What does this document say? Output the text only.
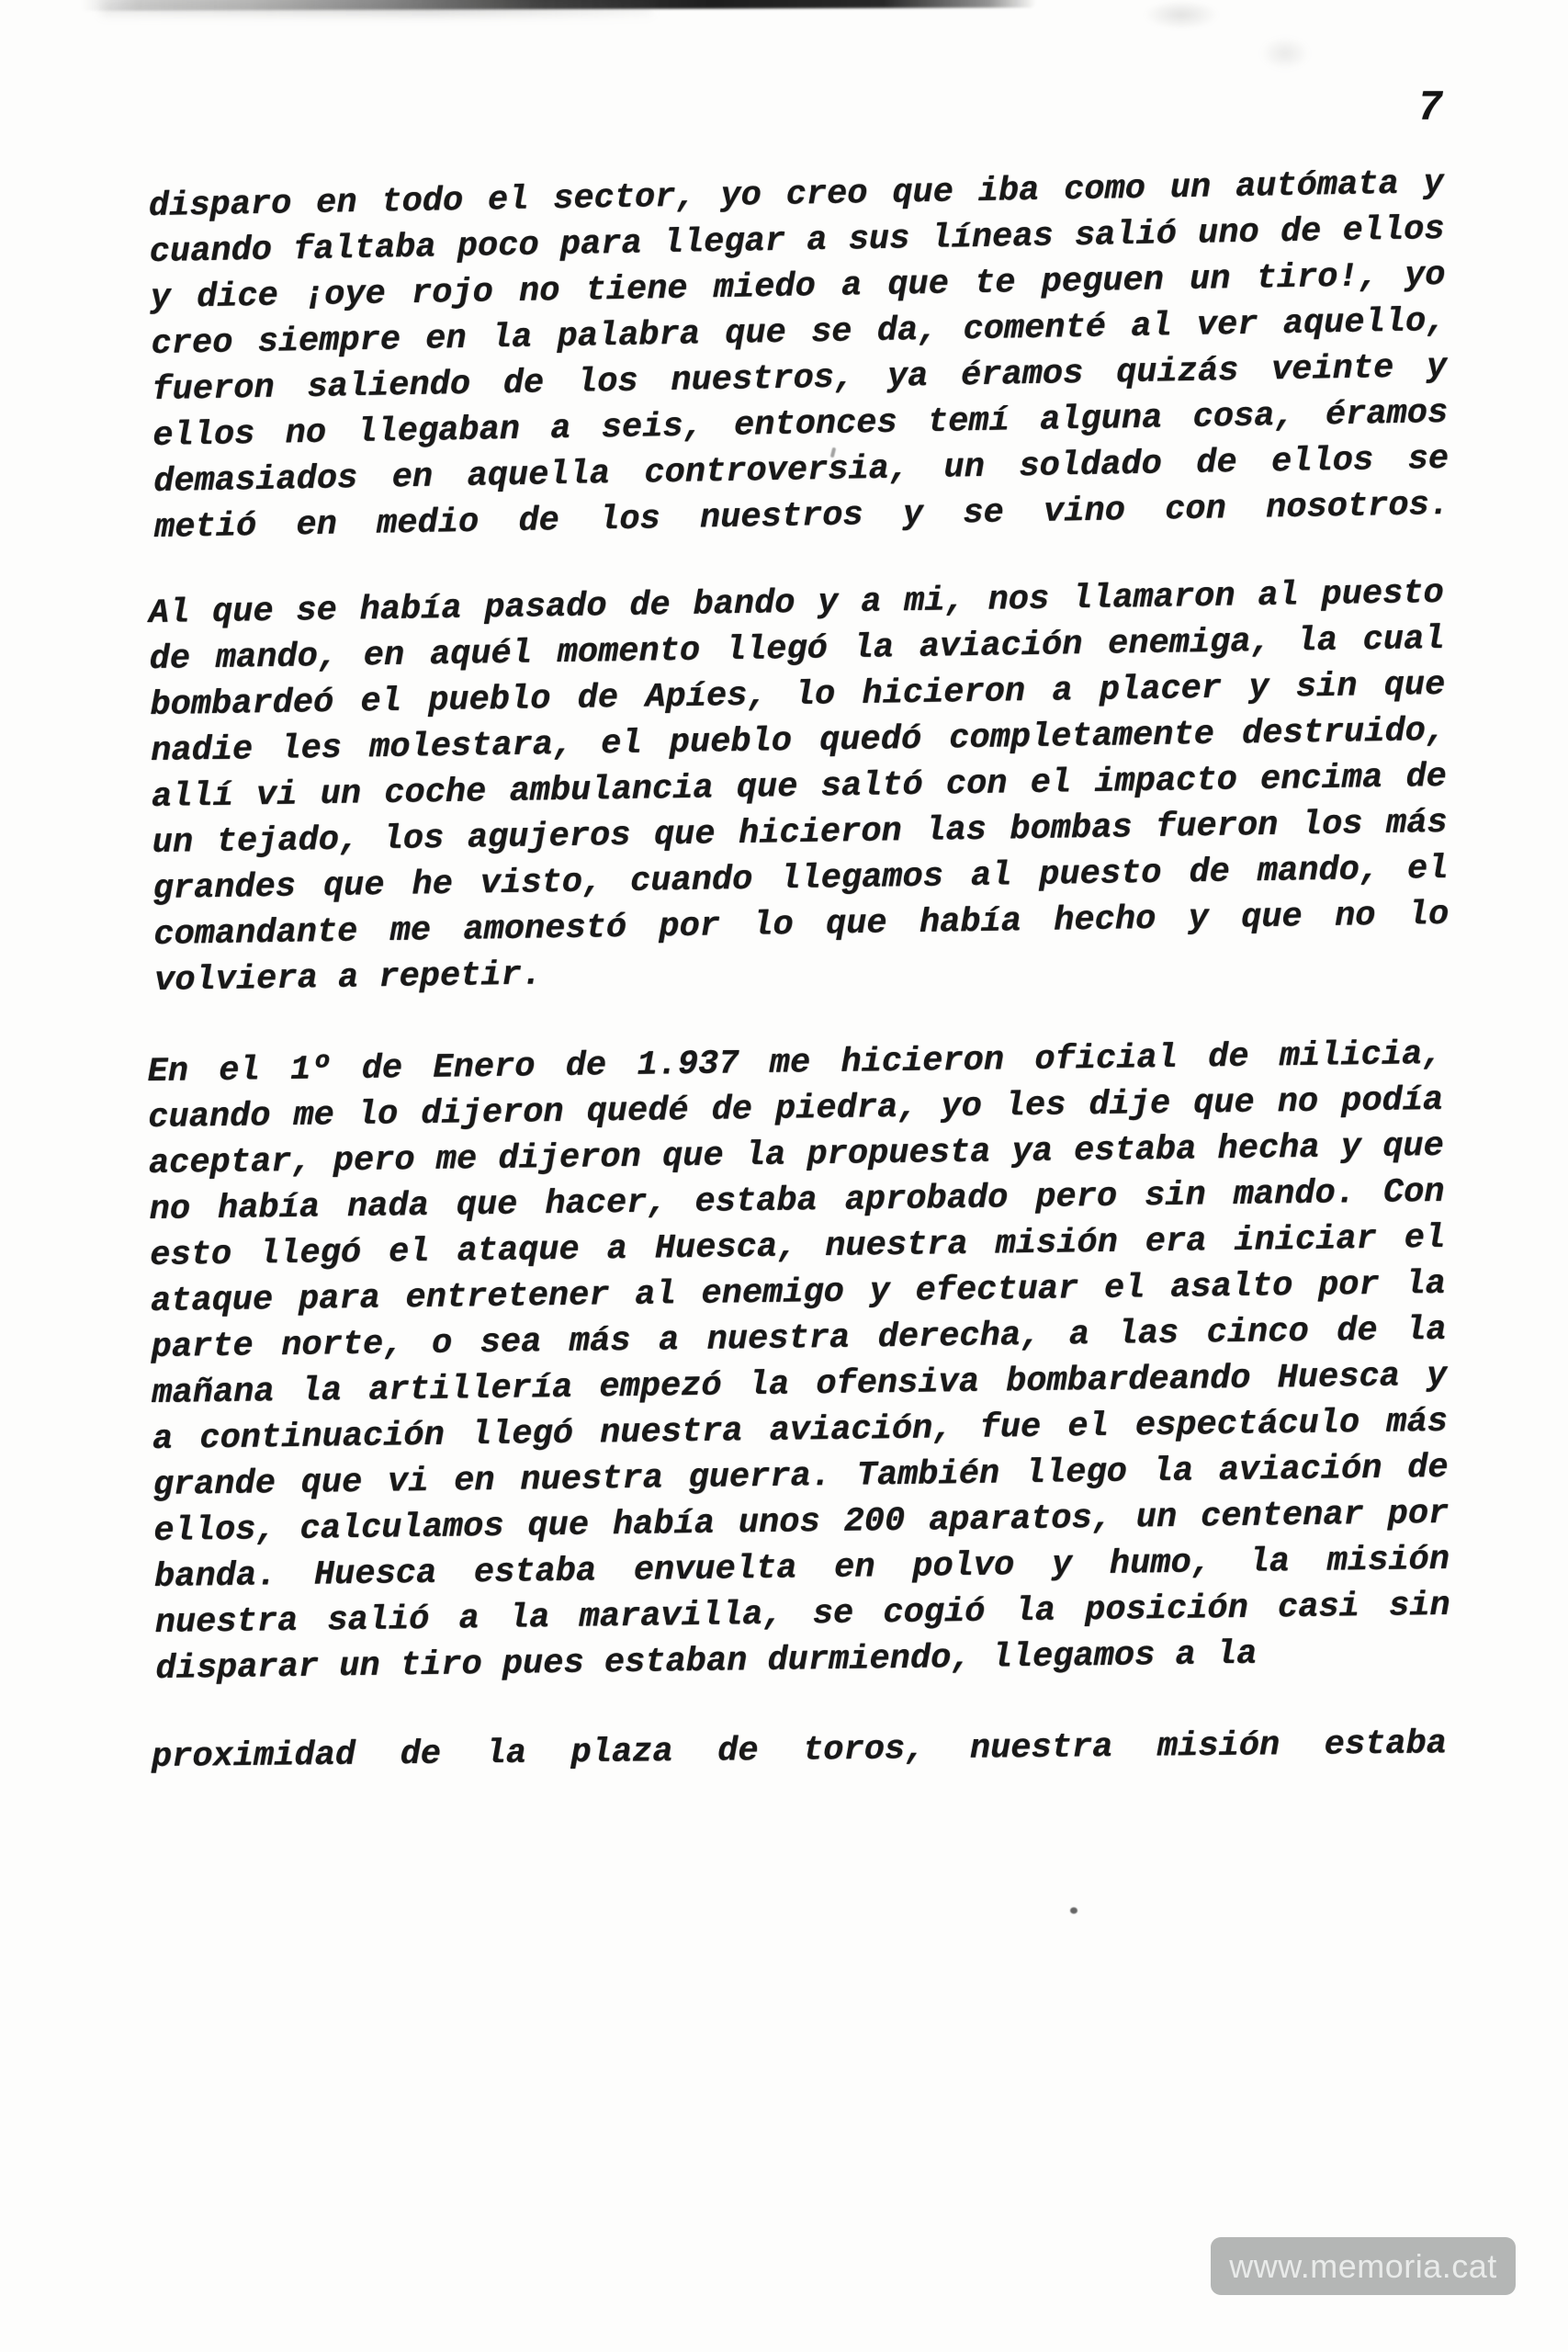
7
disparo en todo el sector, yo creo que iba como un autómata y
cuando faltaba poco para llegar a sus líneas salió uno de ellos
y dice ¡oye rojo no tiene miedo a que te peguen un tiro!, yo
creo siempre en la palabra que se da, comenté al ver aquello,
fueron saliendo de los nuestros, ya éramos quizás veinte y
ellos no llegaban a seis, entonces temí alguna cosa, éramos
demasiados en aquella controversia, un soldado de ellos se
metió en medio de los nuestros y se vino con nosotros.
Al que se había pasado de bando y a mi, nos llamaron al puesto
de mando, en aquél momento llegó la aviación enemiga, la cual
bombardeó el pueblo de Apíes, lo hicieron a placer y sin que
nadie les molestara, el pueblo quedó completamente destruido,
allí vi un coche ambulancia que saltó con el impacto encima de
un tejado, los agujeros que hicieron las bombas fueron los más
grandes que he visto, cuando llegamos al puesto de mando, el
comandante me amonestó por lo que había hecho y que no lo
volviera a repetir.
En el 1º de Enero de 1.937 me hicieron oficial de milicia,
cuando me lo dijeron quedé de piedra, yo les dije que no podía
aceptar, pero me dijeron que la propuesta ya estaba hecha y que
no había nada que hacer, estaba aprobado pero sin mando. Con
esto llegó el ataque a Huesca, nuestra misión era iniciar el
ataque para entretener al enemigo y efectuar el asalto por la
parte norte, o sea más a nuestra derecha, a las cinco de la
mañana la artillería empezó la ofensiva bombardeando Huesca y
a continuación llegó nuestra aviación, fue el espectáculo más
grande que vi en nuestra guerra. También llego la aviación de
ellos, calculamos que había unos 200 aparatos, un centenar por
banda. Huesca estaba envuelta en polvo y humo, la misión
nuestra salió a la maravilla, se cogió la posición casi sin
disparar un tiro pues estaban durmiendo, llegamos a la
proximidad de la plaza de toros, nuestra misión estaba
www.memoria.cat
